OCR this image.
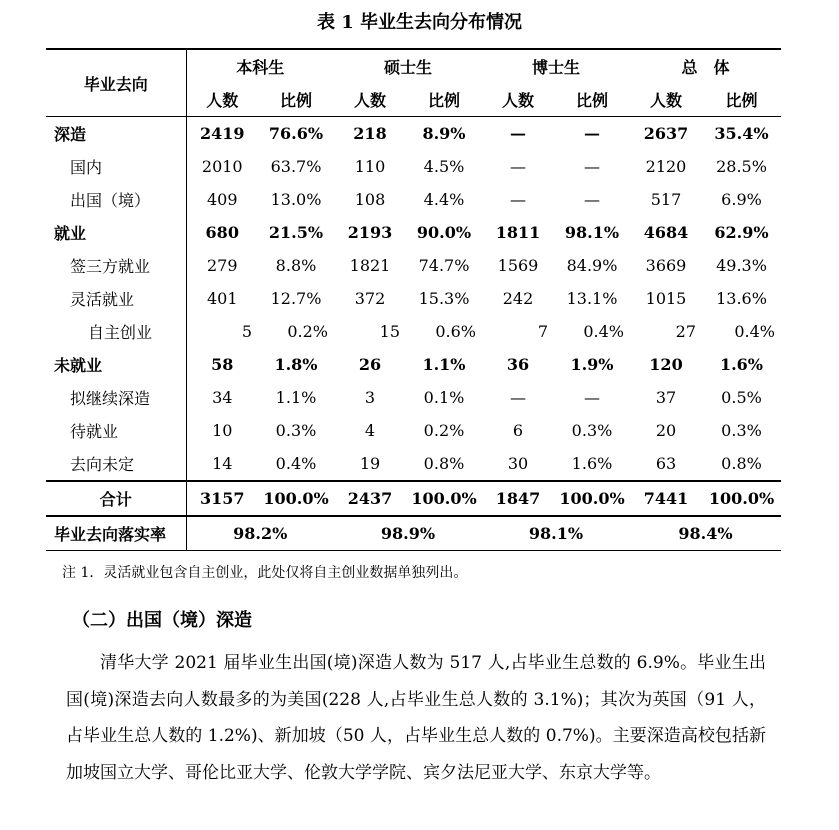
表 1 毕业生去向分布情况
毕业去向	本科生		硕士生		博士生		总　体	
	人数	比例	人数	比例	人数	比例	人数	比例
深造	2419	76.6%	218	8.9%	—	—	2637	35.4%
国内	2010	63.7%	110	4.5%	—	—	2120	28.5%
出国（境）	409	13.0%	108	4.4%	—	—	517	6.9%
就业	680	21.5%	2193	90.0%	1811	98.1%	4684	62.9%
签三方就业	279	8.8%	1821	74.7%	1569	84.9%	3669	49.3%
灵活就业	401	12.7%	372	15.3%	242	13.1%	1015	13.6%
自主创业	5	0.2%	15	0.6%	7	0.4%	27	0.4%
未就业	58	1.8%	26	1.1%	36	1.9%	120	1.6%
拟继续深造	34	1.1%	3	0.1%	—	—	37	0.5%
待就业	10	0.3%	4	0.2%	6	0.3%	20	0.3%
去向未定	14	0.4%	19	0.8%	30	1.6%	63	0.8%
合计	3157	100.0%	2437	100.0%	1847	100.0%	7441	100.0%
毕业去向落实率	98.2%		98.9%		98.1%		98.4%	
注 1．灵活就业包含自主创业，此处仅将自主创业数据单独列出。
（二）出国（境）深造

清华大学 2021 届毕业生出国(境)深造人数为 517 人,占毕业生总数的 6.9%。毕业生出国(境)深造去向人数最多的为美国(228 人,占毕业生总人数的 3.1%)；其次为英国（91 人，占毕业生总人数的 1.2%)、新加坡（50 人，占毕业生总人数的 0.7%)。主要深造高校包括新加坡国立大学、哥伦比亚大学、伦敦大学学院、宾夕法尼亚大学、东京大学等。
